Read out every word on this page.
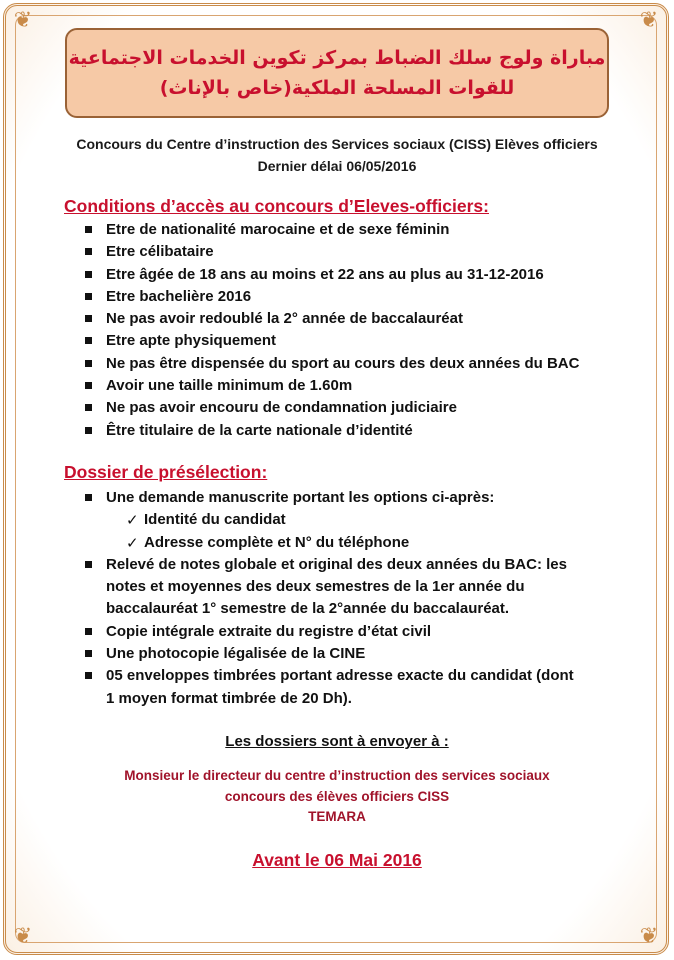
❦	❦
❦	❦
مباراة ولوج سلك الضباط بمركز تكوين الخدمات الاجتماعية
للقوات المسلحة الملكية(خاص بالإناث)
Concours du Centre d’instruction des Services sociaux (CISS) Elèves officiers
Dernier délai 06/05/2016
Conditions d’accès au concours d’Eleves-officiers:
Etre de nationalité marocaine et de sexe féminin
Etre célibataire
Etre âgée de 18 ans au moins et 22 ans au plus au 31-12-2016
Etre bachelière 2016
Ne pas avoir redoublé la 2° année de baccalauréat
Etre apte physiquement
Ne pas être dispensée du sport au cours des deux années du BAC
Avoir une taille minimum de 1.60m
Ne pas avoir encouru de condamnation judiciaire
Être titulaire de la carte nationale d’identité
Dossier de présélection:
Une demande manuscrite portant les options ci-après:
✓ Identité du candidat
✓ Adresse complète et N° du téléphone
Relevé de notes globale et original des deux années du BAC: les
notes et moyennes des deux semestres de la 1er année du
baccalauréat 1° semestre de la 2°année du baccalauréat.
Copie intégrale extraite du registre d’état civil
Une photocopie légalisée de la CINE
05 enveloppes timbrées portant adresse exacte du candidat (dont
1 moyen format timbrée de 20 Dh).
Les dossiers sont à envoyer à :
Monsieur le directeur du centre d’instruction des services sociaux
concours des élèves officiers CISS
TEMARA
Avant le 06 Mai 2016
